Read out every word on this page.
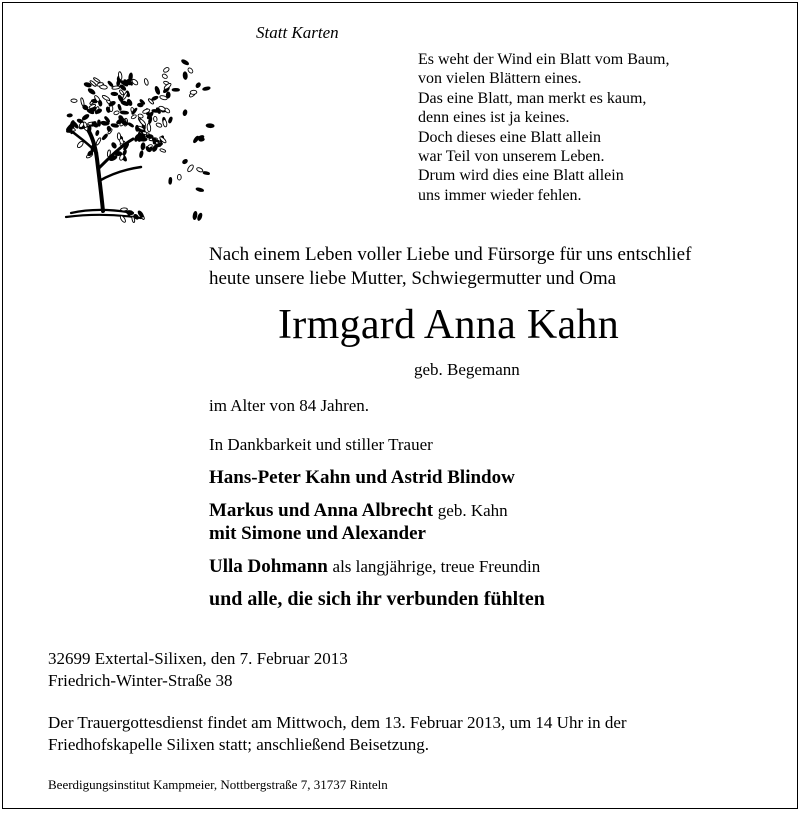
Statt Karten
Es weht der Wind ein Blatt vom Baum,
von vielen Blättern eines.
Das eine Blatt, man merkt es kaum,
denn eines ist ja keines.
Doch dieses eine Blatt allein
war Teil von unserem Leben.
Drum wird dies eine Blatt allein
uns immer wieder fehlen.
Nach einem Leben voller Liebe und Fürsorge für uns entschlief
heute unsere liebe Mutter, Schwiegermutter und Oma
Irmgard Anna Kahn
geb. Begemann
im Alter von 84 Jahren.
In Dankbarkeit und stiller Trauer
Hans-Peter Kahn und Astrid Blindow
Markus und Anna Albrecht geb. Kahn
mit Simone und Alexander
Ulla Dohmann als langjährige, treue Freundin
und alle, die sich ihr verbunden fühlten
32699 Extertal-Silixen, den 7. Februar 2013
Friedrich-Winter-Straße 38
Der Trauergottesdienst findet am Mittwoch, dem 13. Februar 2013, um 14 Uhr in der
Friedhofskapelle Silixen statt; anschließend Beisetzung.
Beerdigungsinstitut Kampmeier, Nottbergstraße 7, 31737 Rinteln
